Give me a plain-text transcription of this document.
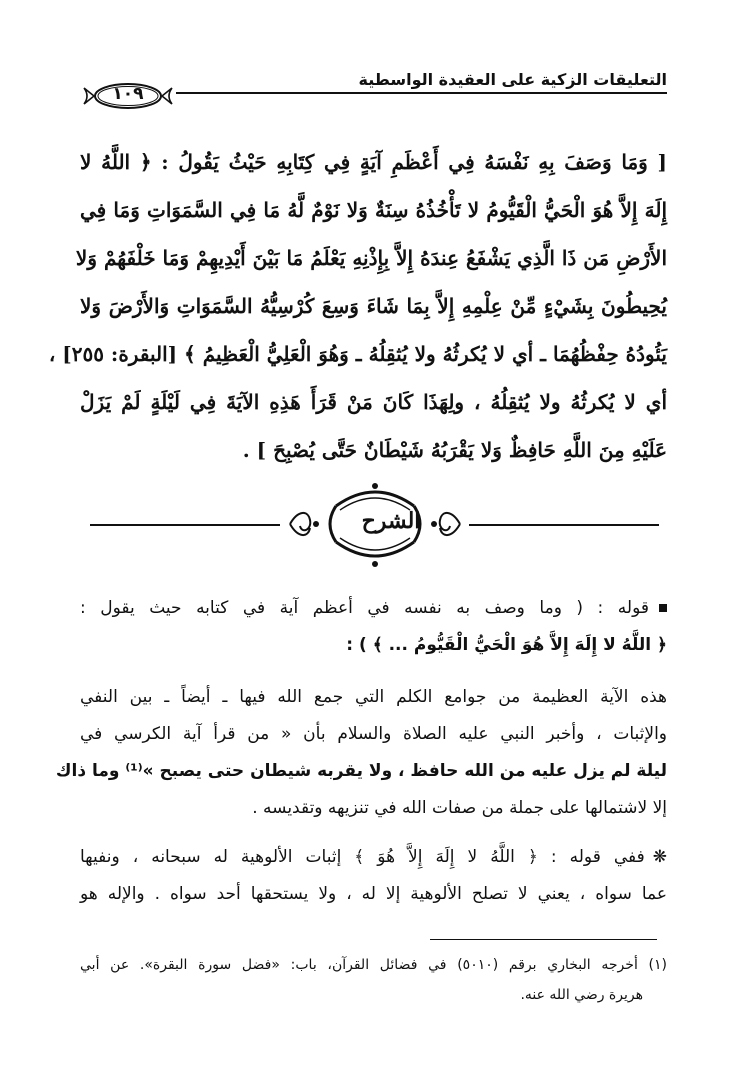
التعليقات الزكية على العقيدة الواسطية
١٠٩
[ وَمَا وَصَفَ بِهِ نَفْسَهُ فِي أَعْظَمِ آيَةٍ فِي كِتَابِهِ حَيْثُ يَقُولُ : ﴿ اللَّهُ لا
إِلَهَ إِلاَّ هُوَ الْحَيُّ الْقَيُّومُ لا تَأْخُذُهُ سِنَةٌ وَلا نَوْمٌ لَّهُ مَا فِي السَّمَوَاتِ وَمَا فِي
الأَرْضِ مَن ذَا الَّذِي يَشْفَعُ عِندَهُ إِلاَّ بِإِذْنِهِ يَعْلَمُ مَا بَيْنَ أَيْدِيهِمْ وَمَا خَلْفَهُمْ وَلا
يُحِيطُونَ بِشَيْءٍ مِّنْ عِلْمِهِ إِلاَّ بِمَا شَاءَ وَسِعَ كُرْسِيُّهُ السَّمَوَاتِ وَالأَرْضَ وَلا
يَئُودُهُ حِفْظُهُمَا ـ أي لا يُكرثُهُ ولا يُثقِلُهُ ـ وَهُوَ الْعَلِيُّ الْعَظِيمُ ﴾ [البقرة: ٢٥٥] ،
أي لا يُكرثُهُ ولا يُثقِلُهُ ، ولِهَذَا كَانَ مَنْ قَرَأَ هَذِهِ الآيَةَ فِي لَيْلَةٍ لَمْ يَزَلْ
عَلَيْهِ مِنَ اللَّهِ حَافِظٌ وَلا يَقْرَبُهُ شَيْطَانٌ حَتَّى يُصْبِحَ ] .
الشرح
قوله : ( وما وصف به نفسه في أعظم آية في كتابه حيث يقول :
﴿ اللَّهُ لا إِلَهَ إِلاَّ هُوَ الْحَيُّ الْقَيُّومُ ... ﴾ ) :
هذه الآية العظيمة من جوامع الكلم التي جمع الله فيها ـ أيضاً ـ بين النفي
والإثبات ، وأخبر النبي عليه الصلاة والسلام بأن « من قرأ آية الكرسي في
ليلة لم يزل عليه من الله حافظ ، ولا يقربه شيطان حتى يصبح »⁽¹⁾ وما ذاك
إلا لاشتمالها على جملة من صفات الله في تنزيهه وتقديسه .
❋ففي قوله : ﴿ اللَّهُ لا إِلَهَ إِلاَّ هُوَ ﴾ إثبات الألوهية له سبحانه ، ونفيها
عما سواه ، يعني لا تصلح الألوهية إلا له ، ولا يستحقها أحد سواه . والإله هو
(١) أخرجه البخاري برقم (٥٠١٠) في فضائل القرآن، باب: «فضل سورة البقرة». عن أبي
هريرة رضي الله عنه.
